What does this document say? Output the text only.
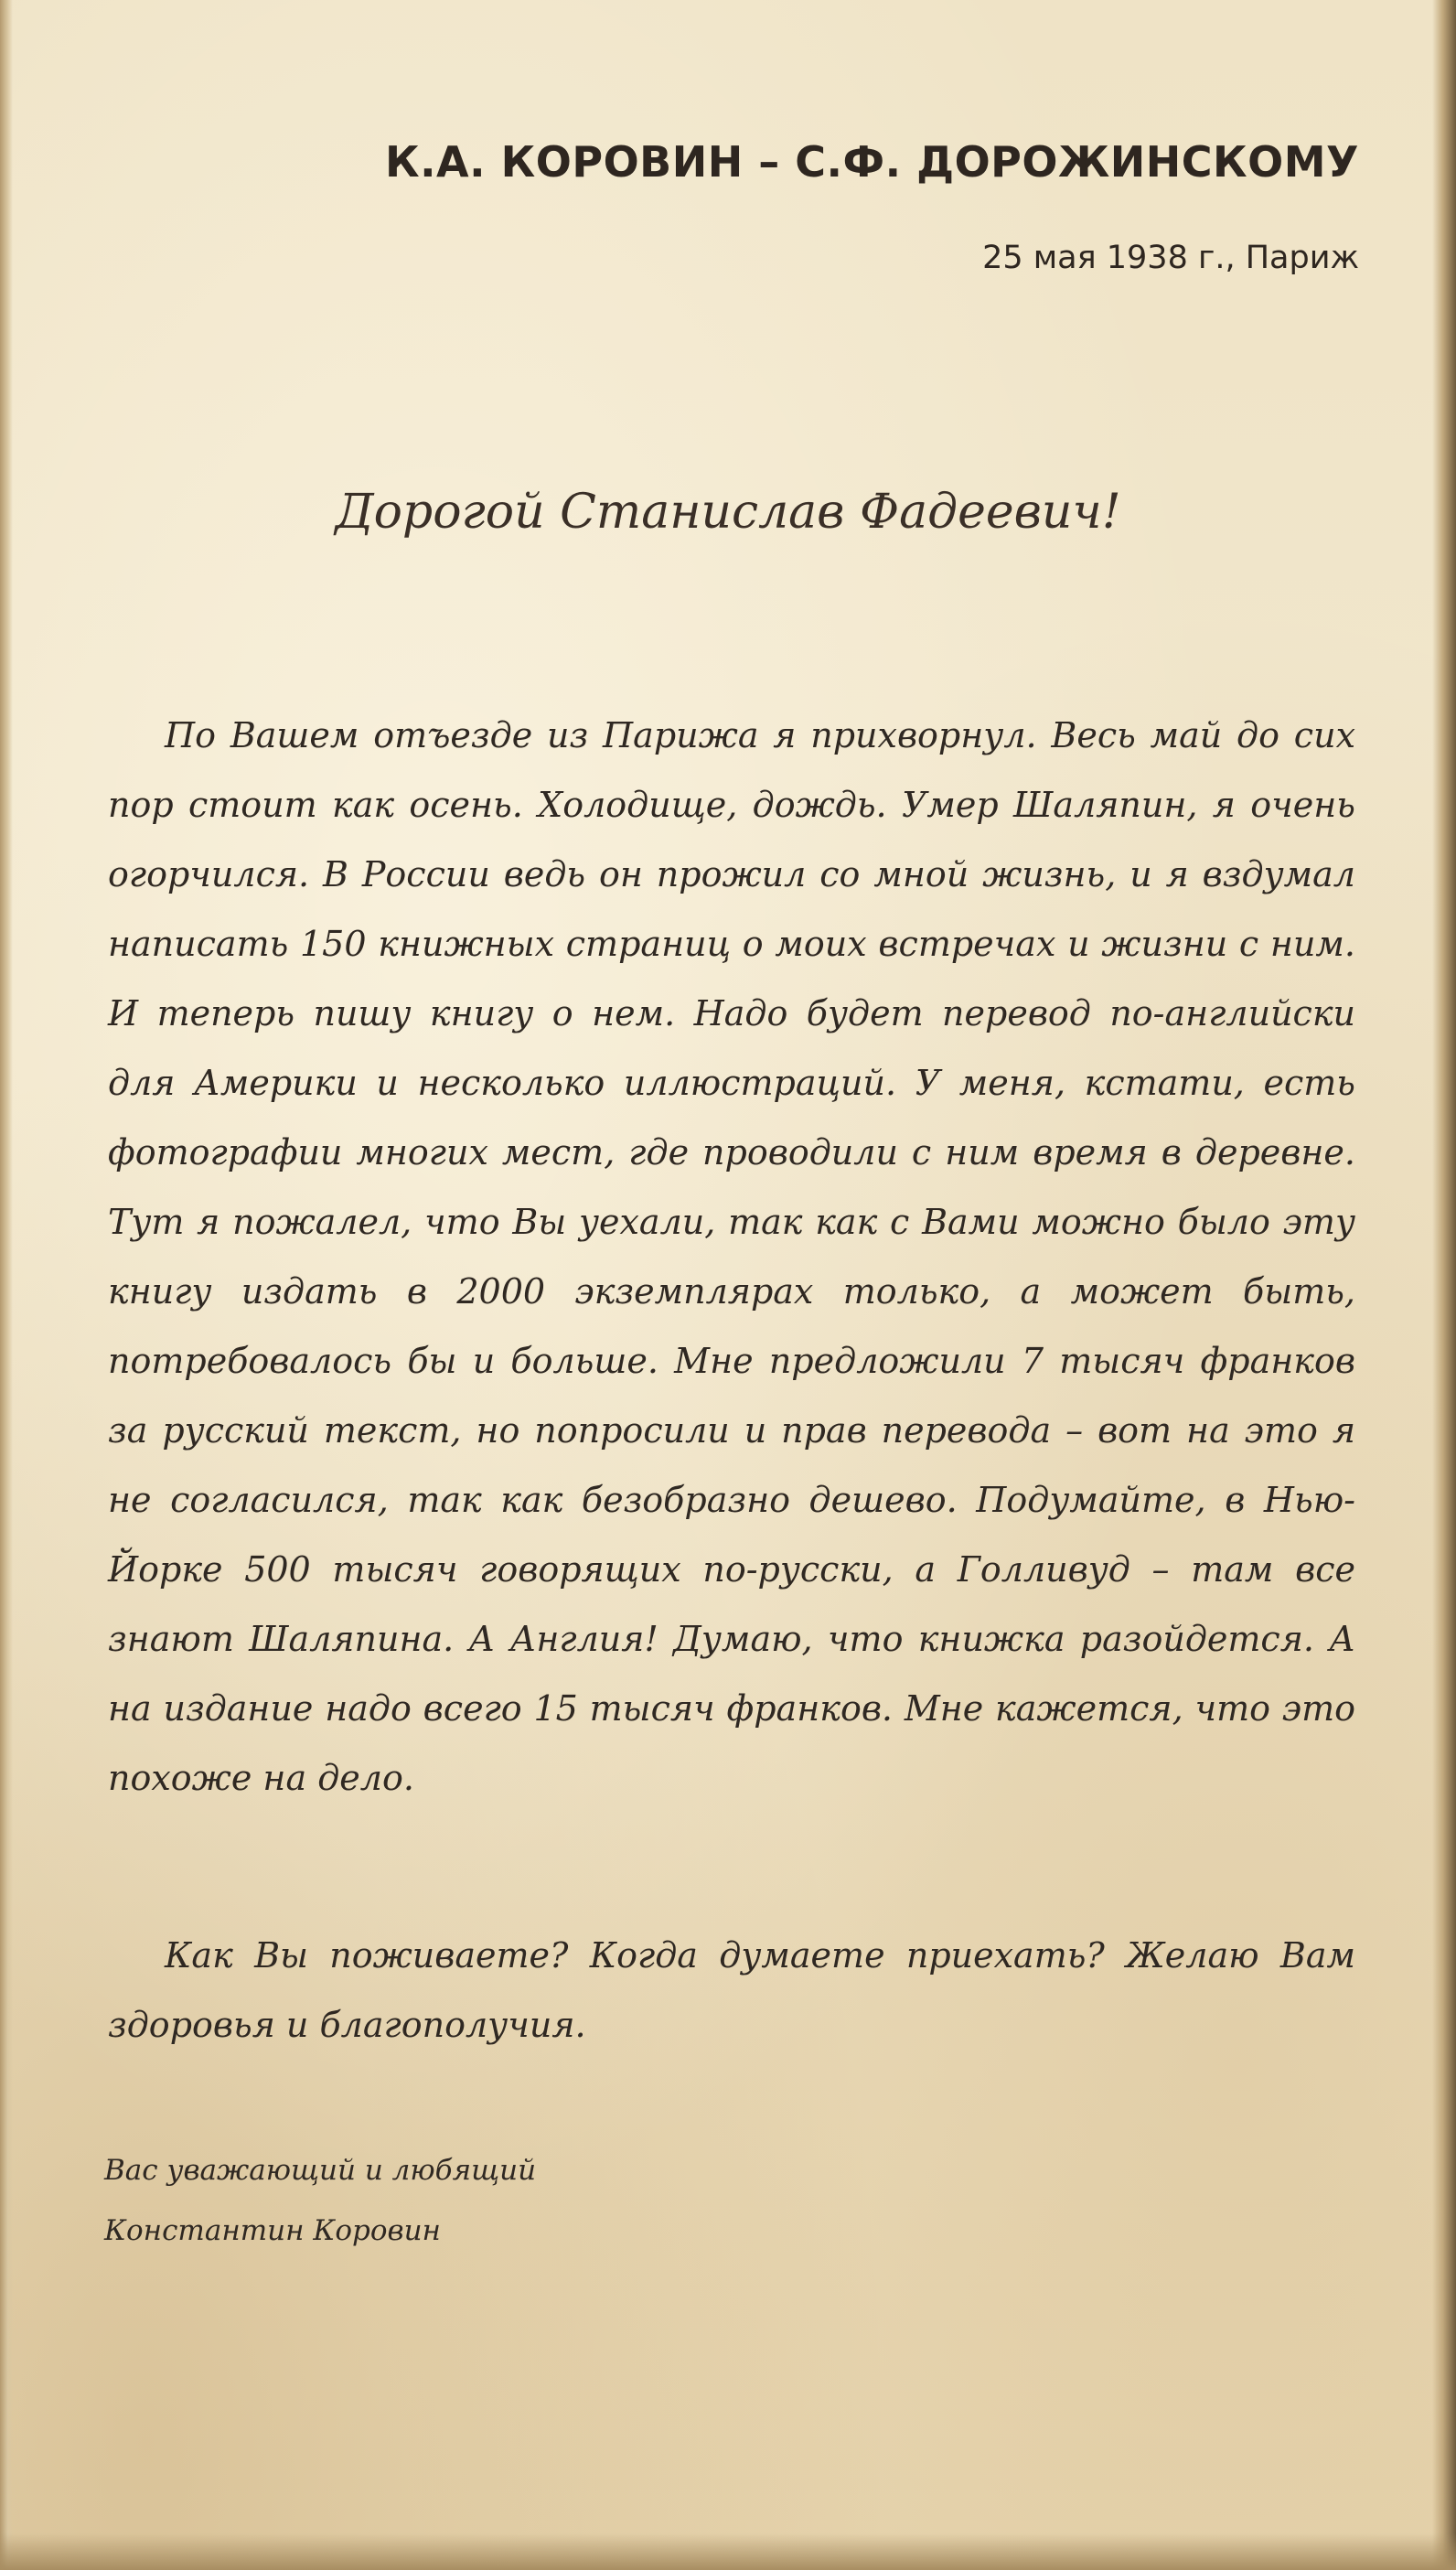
К.А. КОРОВИН – С.Ф. ДОРОЖИНСКОМУ
25 мая 1938 г., Париж
Дорогой Станислав Фадеевич!

По Вашем отъезде из Парижа я прихворнул. Весь май до сих пор стоит как осень. Холодище, дождь. Умер Шаляпин, я очень огорчился. В России ведь он прожил со мной жизнь, и я вздумал написать 150 книжных страниц о моих встречах и жизни с ним. И теперь пишу книгу о нем. Надо будет перевод по-английски для Америки и несколько иллюстраций. У меня, кстати, есть фотографии многих мест, где проводили с ним время в деревне. Тут я пожалел, что Вы уехали, так как с Вами можно было эту книгу издать в 2000 экземплярах только, а может быть, потребовалось бы и больше. Мне предложили 7 тысяч франков за русский текст, но попросили и прав перевода – вот на это я не согласился, так как безобразно дешево. Подумайте, в Нью-Йорке 500 тысяч говорящих по-русски, а Голливуд – там все знают Шаляпина. А Англия! Думаю, что книжка разойдется. А на издание надо всего 15 тысяч франков. Мне кажется, что это похоже на дело.

Как Вы поживаете? Когда думаете приехать? Желаю Вам здоровья и благополучия.

Вас уважающий и любящий
Константин Коровин
